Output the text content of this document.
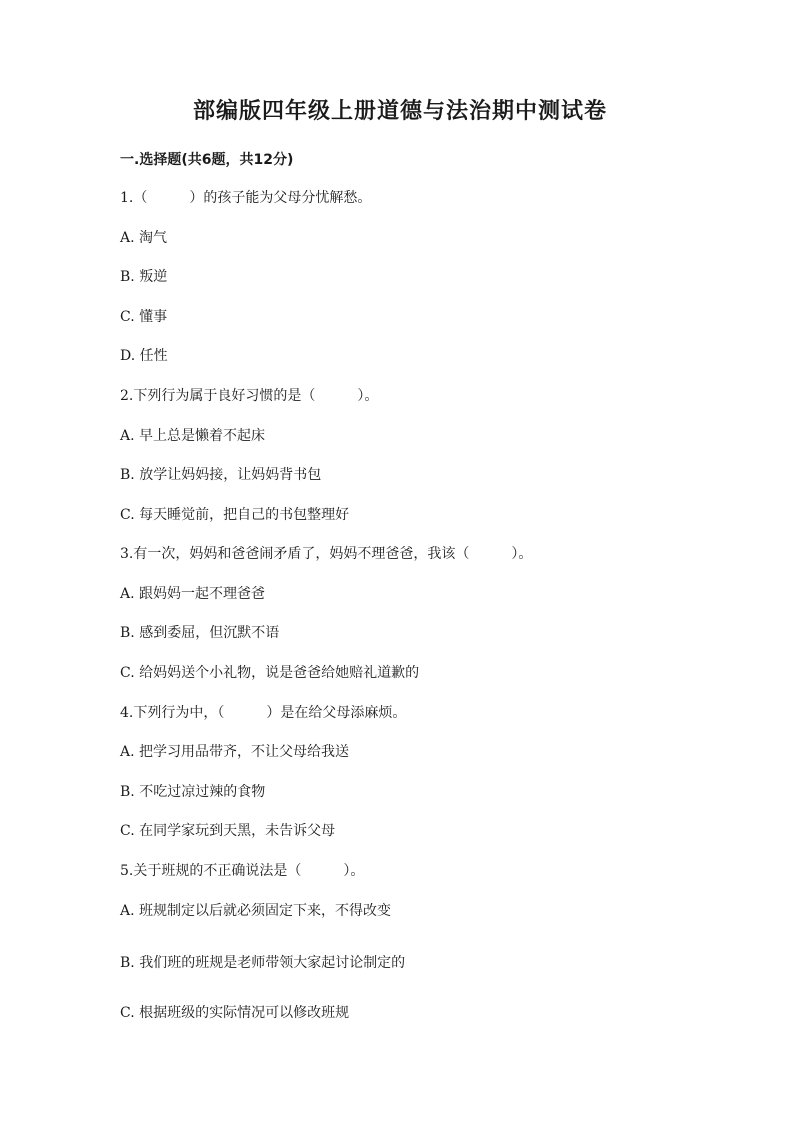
部编版四年级上册道德与法治期中测试卷
一.选择题(共6题，共12分)
1.（　　　）的孩子能为父母分忧解愁。
A. 淘气
B. 叛逆
C. 懂事
D. 任性
2.下列行为属于良好习惯的是（　　　）。
A. 早上总是懒着不起床
B. 放学让妈妈接，让妈妈背书包
C. 每天睡觉前，把自己的书包整理好
3.有一次，妈妈和爸爸闹矛盾了，妈妈不理爸爸，我该（　　　）。
A. 跟妈妈一起不理爸爸
B. 感到委屈，但沉默不语
C. 给妈妈送个小礼物，说是爸爸给她赔礼道歉的
4.下列行为中，（　　　）是在给父母添麻烦。
A. 把学习用品带齐，不让父母给我送
B. 不吃过凉过辣的食物
C. 在同学家玩到天黑，未告诉父母
5.关于班规的不正确说法是（　　　）。
A. 班规制定以后就必须固定下来，不得改变
B. 我们班的班规是老师带领大家起讨论制定的
C. 根据班级的实际情况可以修改班规
